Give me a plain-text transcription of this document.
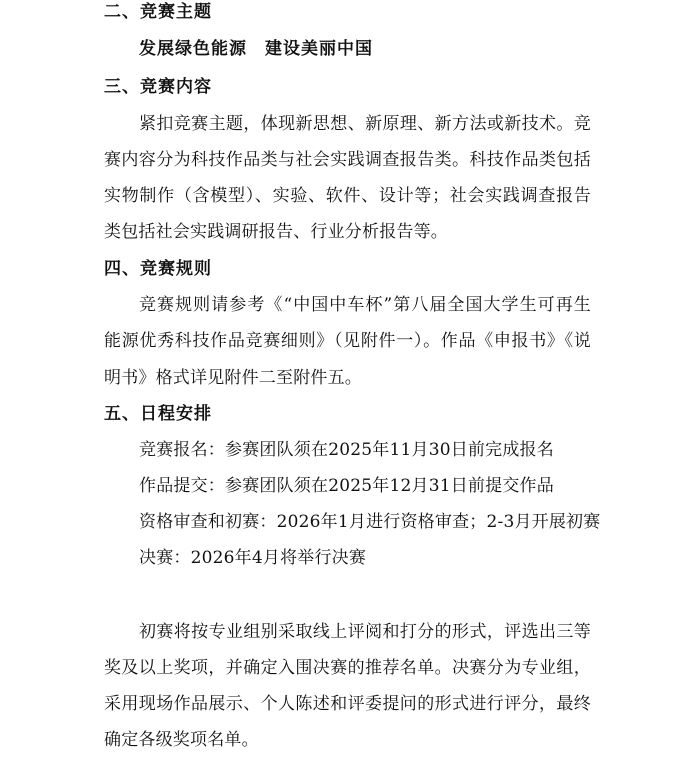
二、竞赛主题
发展绿色能源　建设美丽中国
三、竞赛内容
紧扣竞赛主题，体现新思想、新原理、新方法或新技术。竞
赛内容分为科技作品类与社会实践调查报告类。科技作品类包括
实物制作（含模型）、实验、软件、设计等；社会实践调查报告
类包括社会实践调研报告、行业分析报告等。
四、竞赛规则
竞赛规则请参考《“中国中车杯”第八届全国大学生可再生
能源优秀科技作品竞赛细则》（见附件一）。作品《申报书》《说
明书》格式详见附件二至附件五。
五、日程安排
竞赛报名：参赛团队须在2025年11月30日前完成报名
作品提交：参赛团队须在2025年12月31日前提交作品
资格审查和初赛：2026年1月进行资格审查；2-3月开展初赛
决赛：2026年4月将举行决赛
初赛将按专业组别采取线上评阅和打分的形式，评选出三等
奖及以上奖项，并确定入围决赛的推荐名单。决赛分为专业组，
采用现场作品展示、个人陈述和评委提问的形式进行评分，最终
确定各级奖项名单。
